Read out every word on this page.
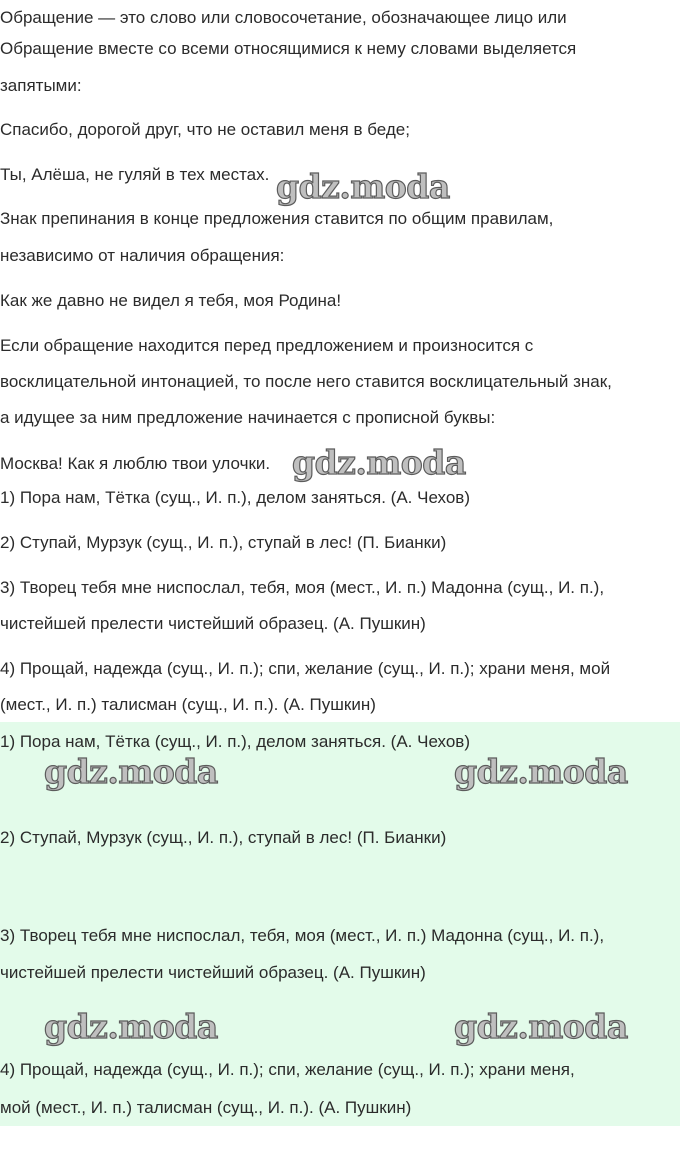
Обращение — это слово или словосочетание, обозначающее лицо или

Обращение вместе со всеми относящимися к нему словами выделяется

запятыми:

Спасибо, дорогой друг, что не оставил меня в беде;

Ты, Алёша, не гуляй в тех местах.

Знак препинания в конце предложения ставится по общим правилам,

независимо от наличия обращения:

Как же давно не видел я тебя, моя Родина!

Если обращение находится перед предложением и произносится с

восклицательной интонацией, то после него ставится восклицательный знак,

а идущее за ним предложение начинается с прописной буквы:

Москва! Как я люблю твои улочки.

1) Пора нам, Тётка (сущ., И. п.), делом заняться. (А. Чехов)

2) Ступай, Мурзук (сущ., И. п.), ступай в лес! (П. Бианки)

3) Творец тебя мне ниспослал, тебя, моя (мест., И. п.) Мадонна (сущ., И. п.),

чистейшей прелести чистейший образец. (А. Пушкин)

4) Прощай, надежда (сущ., И. п.); спи, желание (сущ., И. п.); храни меня, мой

(мест., И. п.) талисман (сущ., И. п.). (А. Пушкин)

1) Пора нам, Тётка (сущ., И. п.), делом заняться. (А. Чехов)

2) Ступай, Мурзук (сущ., И. п.), ступай в лес! (П. Бианки)

3) Творец тебя мне ниспослал, тебя, моя (мест., И. п.) Мадонна (сущ., И. п.),

чистейшей прелести чистейший образец. (А. Пушкин)

4) Прощай, надежда (сущ., И. п.); спи, желание (сущ., И. п.); храни меня,

мой (мест., И. п.) талисман (сущ., И. п.). (А. Пушкин)

gdz.moda
gdz.moda
gdz.moda	gdz.moda
gdz.moda	gdz.moda
